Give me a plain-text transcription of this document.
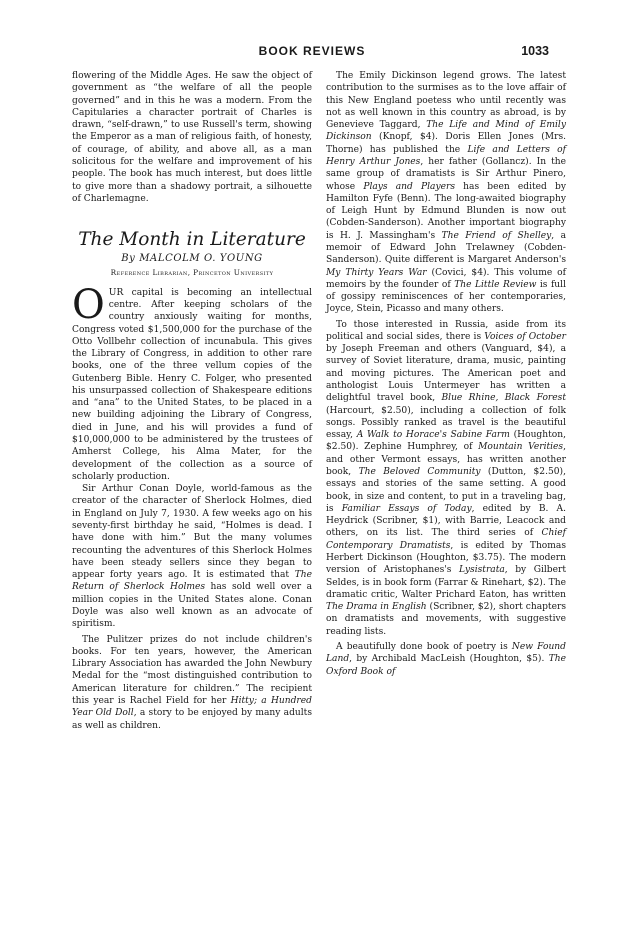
BOOK REVIEWS	1033

flowering of the Middle Ages. He saw the object of government as “the welfare of all the people governed” and in this he was a modern. From the Capitularies a character portrait of Charles is drawn, “self-drawn,” to use Russell's term, showing the Emperor as a man of religious faith, of honesty, of courage, of ability, and above all, as a man solicitous for the welfare and improvement of his people. The book has much interest, but does little to give more than a shadowy portrait, a silhouette of Charlemagne.

The Month in Literature

By MALCOLM O. YOUNG

Reference Librarian, Princeton University

OUR capital is becoming an intellectual centre. After keeping scholars of the country anxiously waiting for months, Congress voted $1,500,000 for the purchase of the Otto Vollbehr collection of incunabula. This gives the Library of Congress, in addition to other rare books, one of the three vellum copies of the Gutenberg Bible. Henry C. Folger, who presented his unsurpassed collection of Shakespeare editions and “ana” to the United States, to be placed in a new building adjoining the Library of Congress, died in June, and his will provides a fund of $10,000,000 to be administered by the trustees of Amherst College, his Alma Mater, for the development of the collection as a source of scholarly production.

Sir Arthur Conan Doyle, world-famous as the creator of the character of Sherlock Holmes, died in England on July 7, 1930. A few weeks ago on his seventy-first birthday he said, “Holmes is dead. I have done with him.” But the many volumes recounting the adventures of this Sherlock Holmes have been steady sellers since they began to appear forty years ago. It is estimated that The Return of Sherlock Holmes has sold well over a million copies in the United States alone. Conan Doyle was also well known as an advocate of spiritism.

The Pulitzer prizes do not include children's books. For ten years, however, the American Library Association has awarded the John Newbury Medal for the “most distinguished contribution to American literature for children.” The recipient this year is Rachel Field for her Hitty; a Hundred Year Old Doll, a story to be enjoyed by many adults as well as children.

The Emily Dickinson legend grows. The latest contribution to the surmises as to the love affair of this New England poetess who until recently was not as well known in this country as abroad, is by Genevieve Taggard, The Life and Mind of Emily Dickinson (Knopf, $4). Doris Ellen Jones (Mrs. Thorne) has published the Life and Letters of Henry Arthur Jones, her father (Gollancz). In the same group of dramatists is Sir Arthur Pinero, whose Plays and Players has been edited by Hamilton Fyfe (Benn). The long-awaited biography of Leigh Hunt by Edmund Blunden is now out (Cobden-Sanderson). Another important biography is H. J. Massingham's The Friend of Shelley, a memoir of Edward John Trelawney (Cobden-Sanderson). Quite different is Margaret Anderson's My Thirty Years War (Covici, $4). This volume of memoirs by the founder of The Little Review is full of gossipy reminiscences of her contemporaries, Joyce, Stein, Picasso and many others.

To those interested in Russia, aside from its political and social sides, there is Voices of October by Joseph Freeman and others (Vanguard, $4), a survey of Soviet literature, drama, music, painting and moving pictures. The American poet and anthologist Louis Untermeyer has written a delightful travel book, Blue Rhine, Black Forest (Harcourt, $2.50), including a collection of folk songs. Possibly ranked as travel is the beautiful essay, A Walk to Horace's Sabine Farm (Houghton, $2.50). Zephine Humphrey, of Mountain Verities, and other Vermont essays, has written another book, The Beloved Community (Dutton, $2.50), essays and stories of the same setting. A good book, in size and content, to put in a traveling bag, is Familiar Essays of Today, edited by B. A. Heydrick (Scribner, $1), with Barrie, Leacock and others, on its list. The third series of Chief Contemporary Dramatists, is edited by Thomas Herbert Dickinson (Houghton, $3.75). The modern version of Aristophanes's Lysistrata, by Gilbert Seldes, is in book form (Farrar & Rinehart, $2). The dramatic critic, Walter Prichard Eaton, has written The Drama in English (Scribner, $2), short chapters on dramatists and movements, with suggestive reading lists.

A beautifully done book of poetry is New Found Land, by Archibald MacLeish (Houghton, $5). The Oxford Book of
